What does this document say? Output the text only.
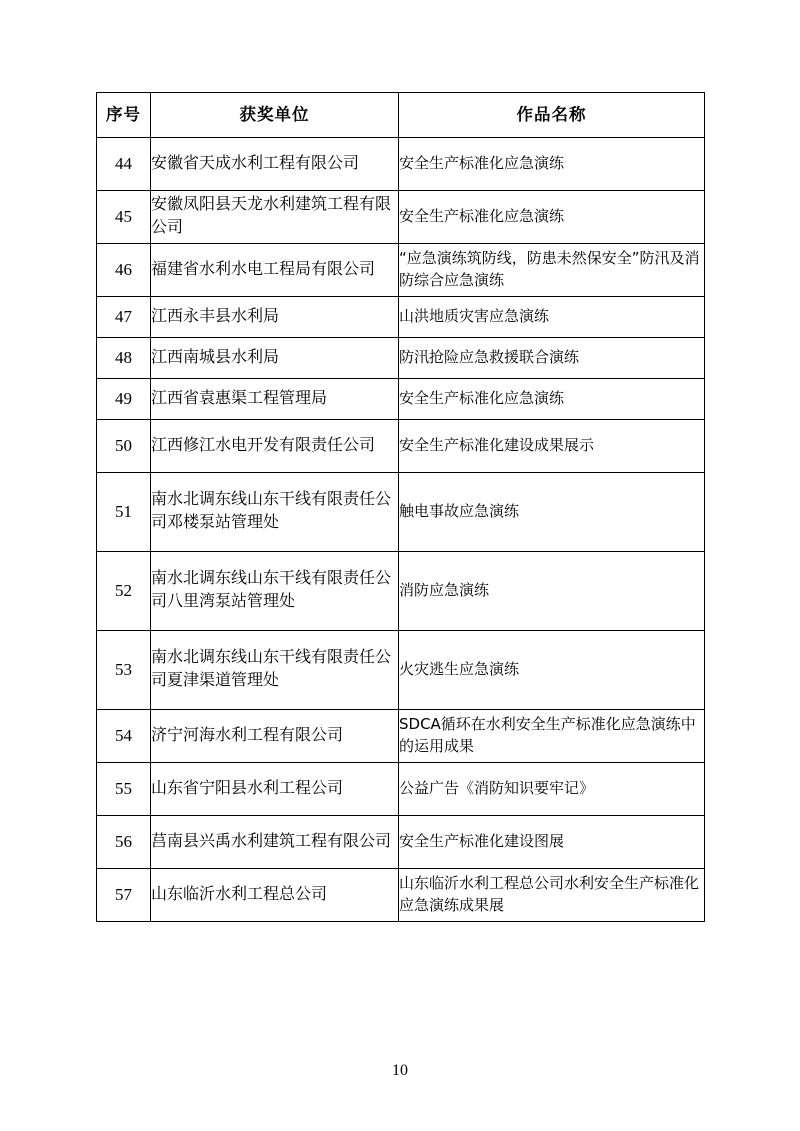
序号	获奖单位	作品名称

44	安徽省天成水利工程有限公司	安全生产标准化应急演练
45	安徽凤阳县天龙水利建筑工程有限公司	安全生产标准化应急演练
46	福建省水利水电工程局有限公司	“应急演练筑防线，防患未然保安全”防汛及消防综合应急演练
47	江西永丰县水利局	山洪地质灾害应急演练
48	江西南城县水利局	防汛抢险应急救援联合演练
49	江西省袁惠渠工程管理局	安全生产标准化应急演练
50	江西修江水电开发有限责任公司	安全生产标准化建设成果展示
51	南水北调东线山东干线有限责任公司邓楼泵站管理处	触电事故应急演练
52	南水北调东线山东干线有限责任公司八里湾泵站管理处	消防应急演练
53	南水北调东线山东干线有限责任公司夏津渠道管理处	火灾逃生应急演练
54	济宁河海水利工程有限公司	SDCA循环在水利安全生产标准化应急演练中的运用成果
55	山东省宁阳县水利工程公司	公益广告《消防知识要牢记》
56	莒南县兴禹水利建筑工程有限公司	安全生产标准化建设图展
57	山东临沂水利工程总公司	山东临沂水利工程总公司水利安全生产标准化应急演练成果展
10
